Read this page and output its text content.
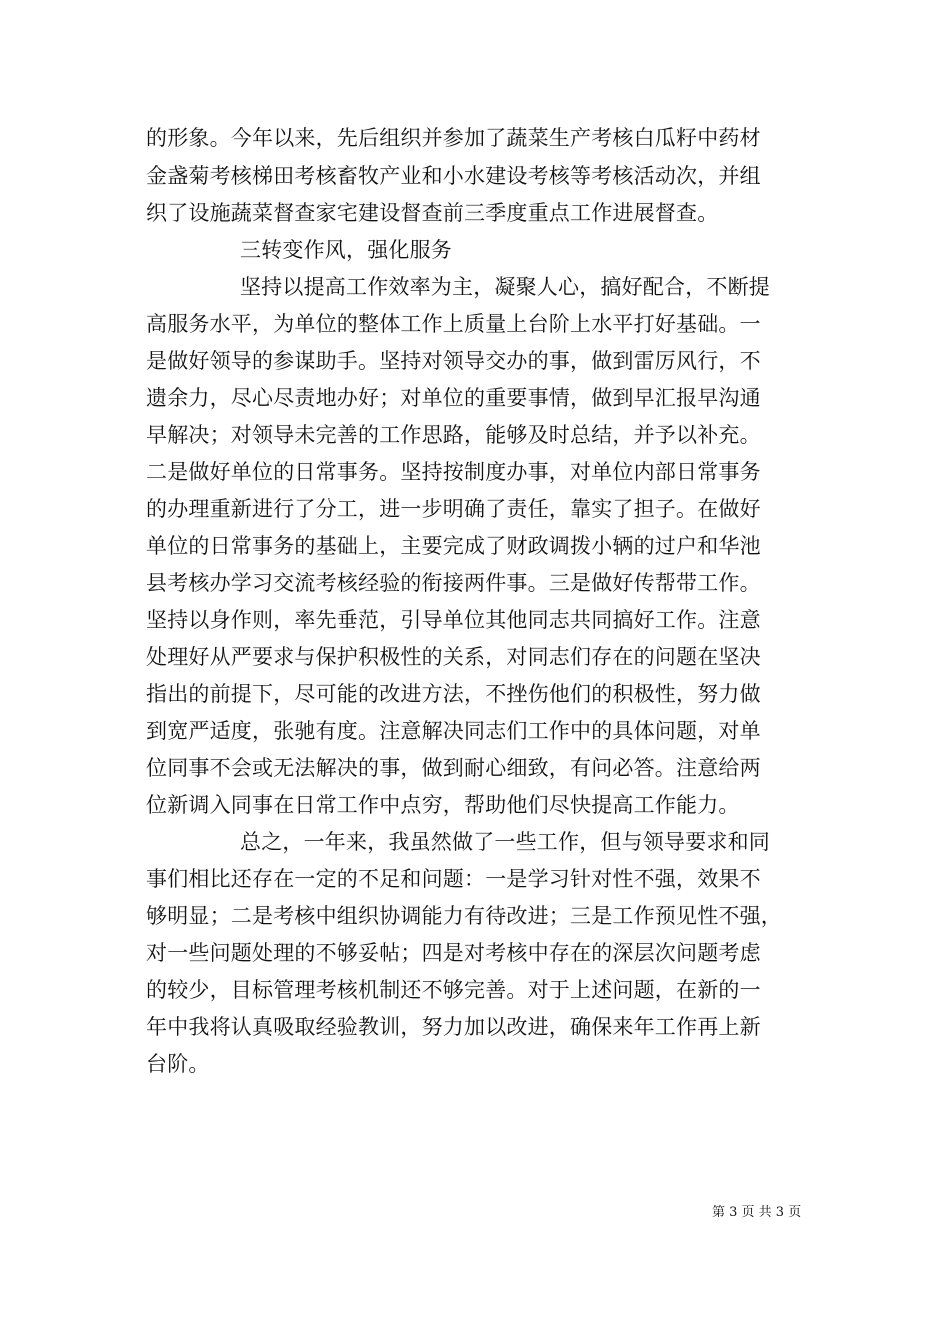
的形象。今年以来，先后组织并参加了蔬菜生产考核白瓜籽中药材
金盏菊考核梯田考核畜牧产业和小水建设考核等考核活动次，并组
织了设施蔬菜督查家宅建设督查前三季度重点工作进展督查。
三转变作风，强化服务
坚持以提高工作效率为主，凝聚人心，搞好配合，不断提
高服务水平，为单位的整体工作上质量上台阶上水平打好基础。一
是做好领导的参谋助手。坚持对领导交办的事，做到雷厉风行，不
遗余力，尽心尽责地办好；对单位的重要事情，做到早汇报早沟通
早解决；对领导未完善的工作思路，能够及时总结，并予以补充。
二是做好单位的日常事务。坚持按制度办事，对单位内部日常事务
的办理重新进行了分工，进一步明确了责任，靠实了担子。在做好
单位的日常事务的基础上，主要完成了财政调拨小辆的过户和华池
县考核办学习交流考核经验的衔接两件事。三是做好传帮带工作。
坚持以身作则，率先垂范，引导单位其他同志共同搞好工作。注意
处理好从严要求与保护积极性的关系，对同志们存在的问题在坚决
指出的前提下，尽可能的改进方法，不挫伤他们的积极性，努力做
到宽严适度，张驰有度。注意解决同志们工作中的具体问题，对单
位同事不会或无法解决的事，做到耐心细致，有问必答。注意给两
位新调入同事在日常工作中点穷，帮助他们尽快提高工作能力。
总之，一年来，我虽然做了一些工作，但与领导要求和同
事们相比还存在一定的不足和问题：一是学习针对性不强，效果不
够明显；二是考核中组织协调能力有待改进；三是工作预见性不强，
对一些问题处理的不够妥帖；四是对考核中存在的深层次问题考虑
的较少，目标管理考核机制还不够完善。对于上述问题，在新的一
年中我将认真吸取经验教训，努力加以改进，确保来年工作再上新
台阶。
第 3 页 共 3 页
